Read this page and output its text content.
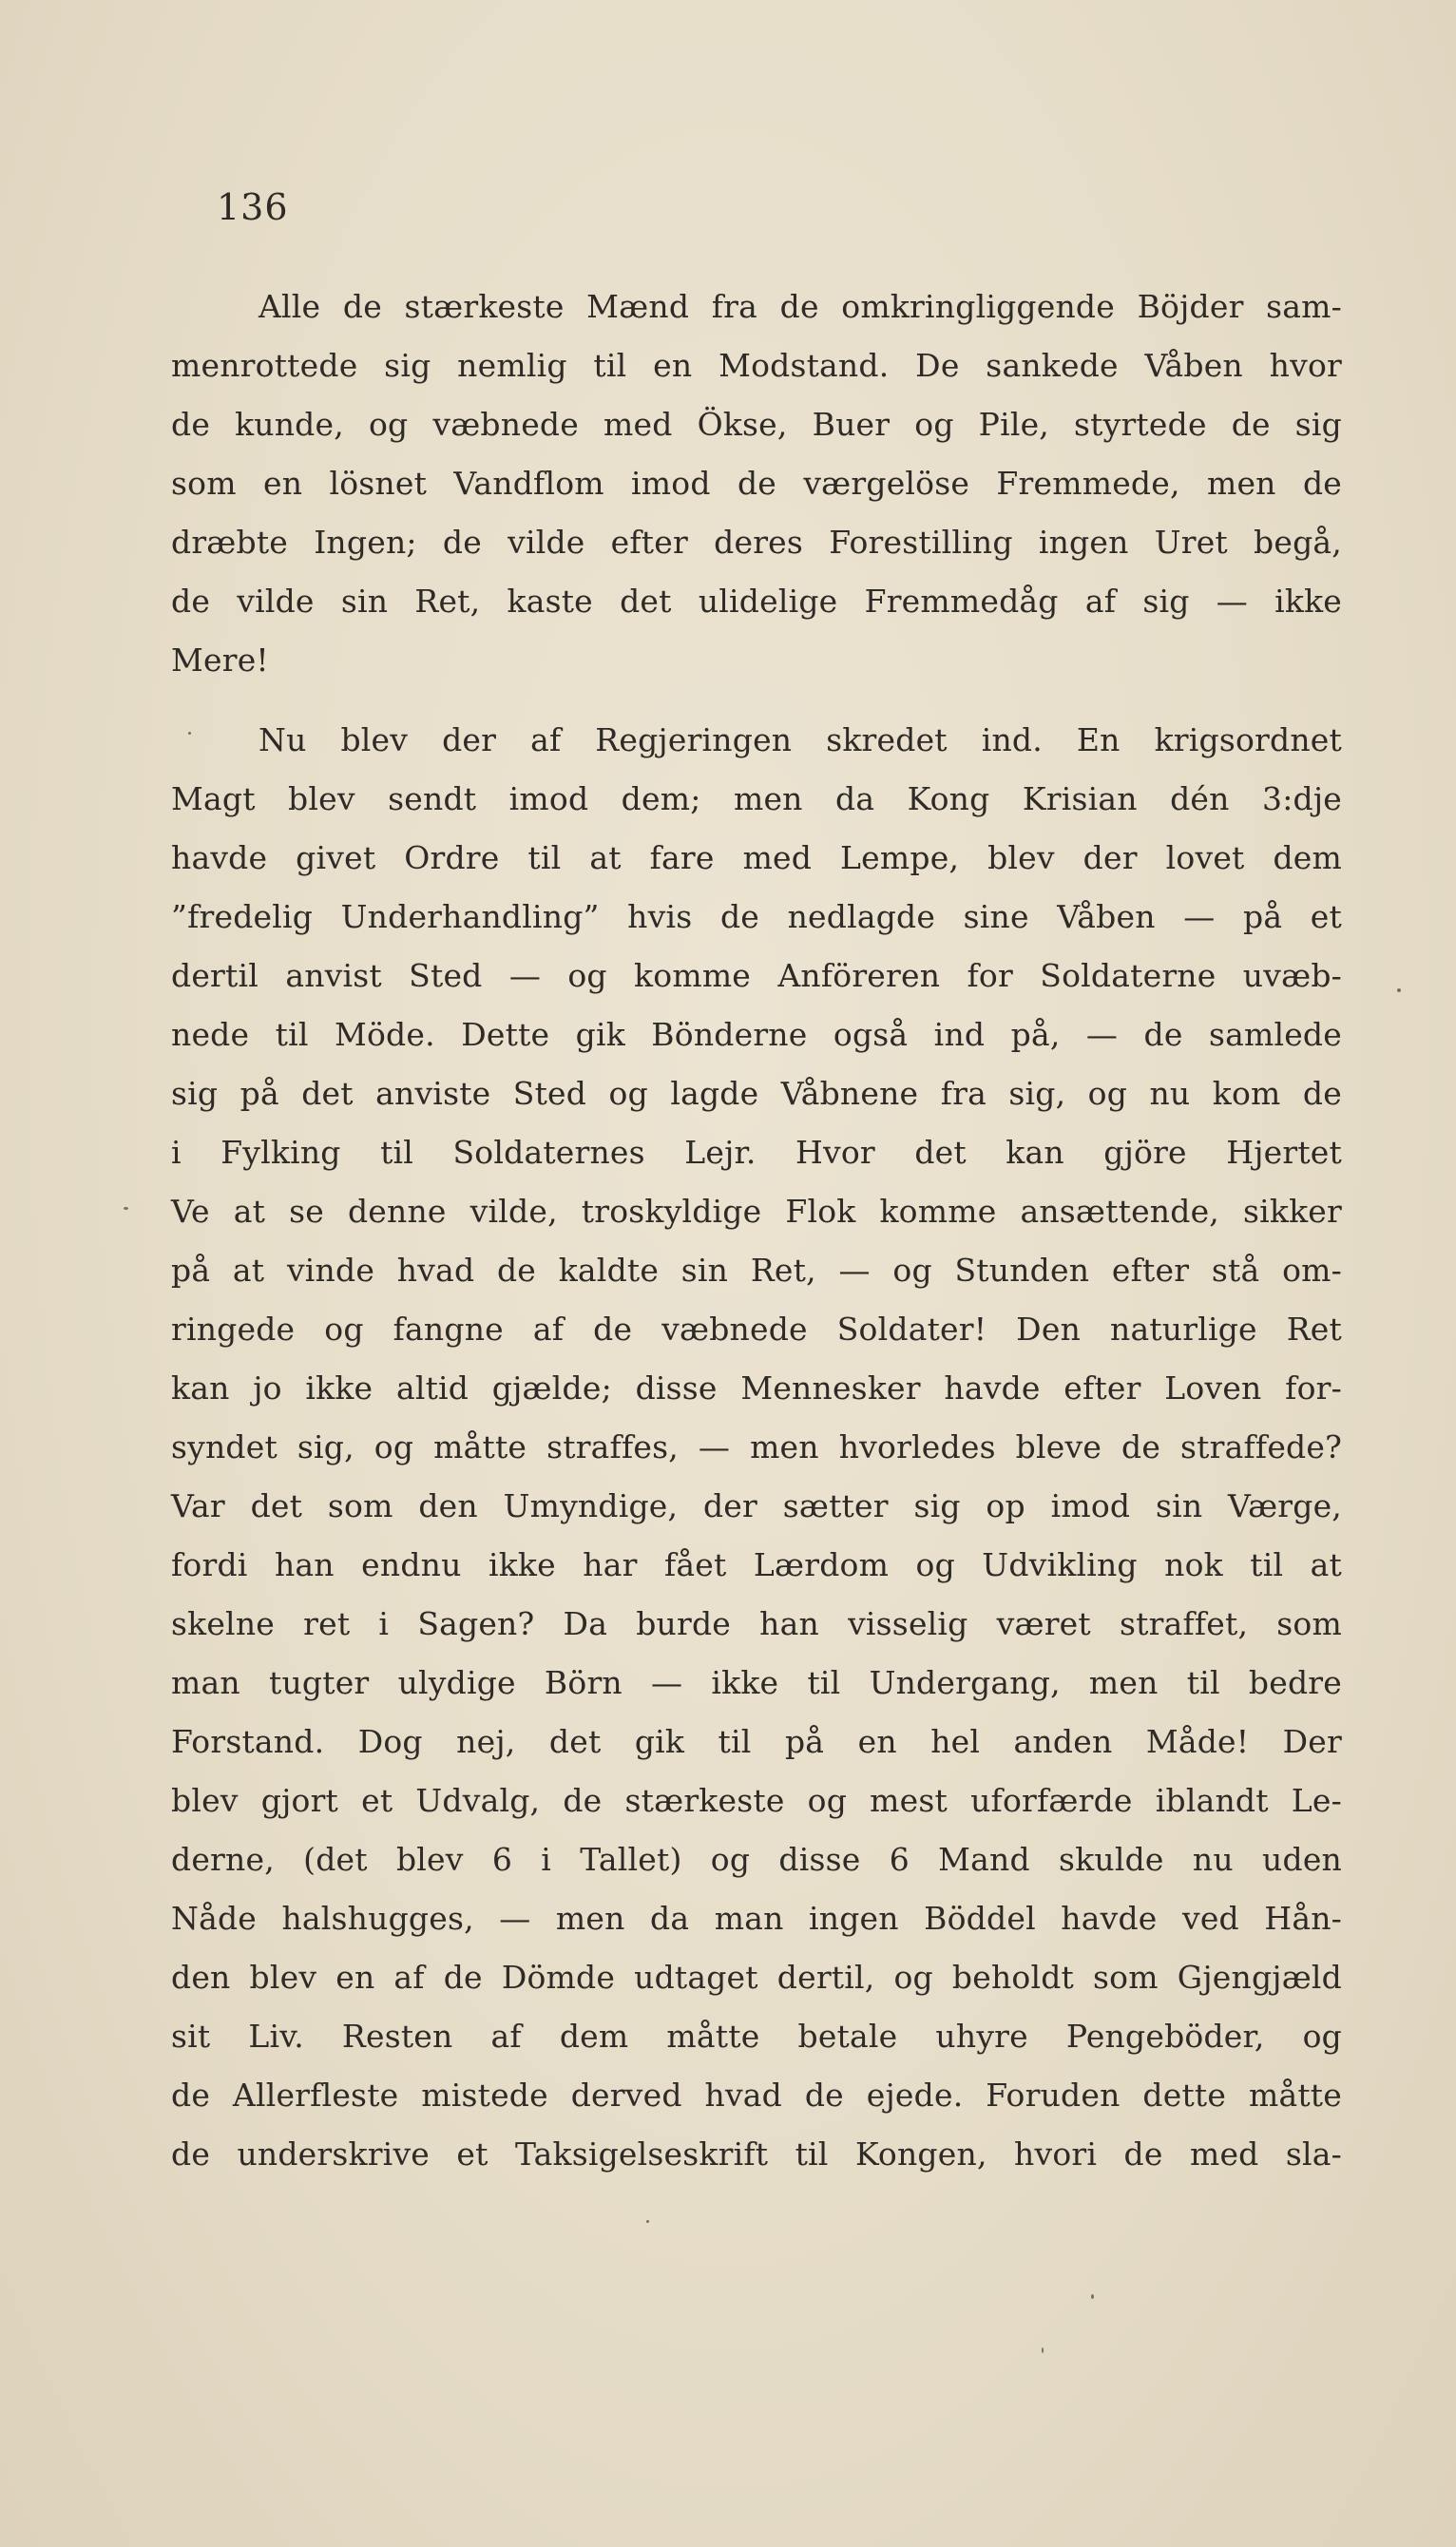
136
Alle de stærkeste Mænd fra de omkringliggende Böjder sam-
menrottede sig nemlig til en Modstand. De sankede Våben hvor
de kunde, og væbnede med Ökse, Buer og Pile, styrtede de sig
som en lösnet Vandflom imod de værgelöse Fremmede, men de
dræbte Ingen; de vilde efter deres Forestilling ingen Uret begå,
de vilde sin Ret, kaste det ulidelige Fremmedåg af sig — ikke
Mere!
Nu blev der af Regjeringen skredet ind. En krigsordnet
Magt blev sendt imod dem; men da Kong Krisian dén 3:dje
havde givet Ordre til at fare med Lempe, blev der lovet dem
”fredelig Underhandling” hvis de nedlagde sine Våben — på et
dertil anvist Sted — og komme Anföreren for Soldaterne uvæb-
nede til Möde. Dette gik Bönderne også ind på, — de samlede
sig på det anviste Sted og lagde Våbnene fra sig, og nu kom de
i Fylking til Soldaternes Lejr. Hvor det kan gjöre Hjertet
Ve at se denne vilde, troskyldige Flok komme ansættende, sikker
på at vinde hvad de kaldte sin Ret, — og Stunden efter stå om-
ringede og fangne af de væbnede Soldater! Den naturlige Ret
kan jo ikke altid gjælde; disse Mennesker havde efter Loven for-
syndet sig, og måtte straffes, — men hvorledes bleve de straffede?
Var det som den Umyndige, der sætter sig op imod sin Værge,
fordi han endnu ikke har fået Lærdom og Udvikling nok til at
skelne ret i Sagen? Da burde han visselig været straffet, som
man tugter ulydige Börn — ikke til Undergang, men til bedre
Forstand. Dog nej, det gik til på en hel anden Måde! Der
blev gjort et Udvalg, de stærkeste og mest uforfærde iblandt Le-
derne, (det blev 6 i Tallet) og disse 6 Mand skulde nu uden
Nåde halshugges, — men da man ingen Böddel havde ved Hån-
den blev en af de Dömde udtaget dertil, og beholdt som Gjengjæld
sit Liv. Resten af dem måtte betale uhyre Pengeböder, og
de Allerfleste mistede derved hvad de ejede. Foruden dette måtte
de underskrive et Taksigelseskrift til Kongen, hvori de med sla-
